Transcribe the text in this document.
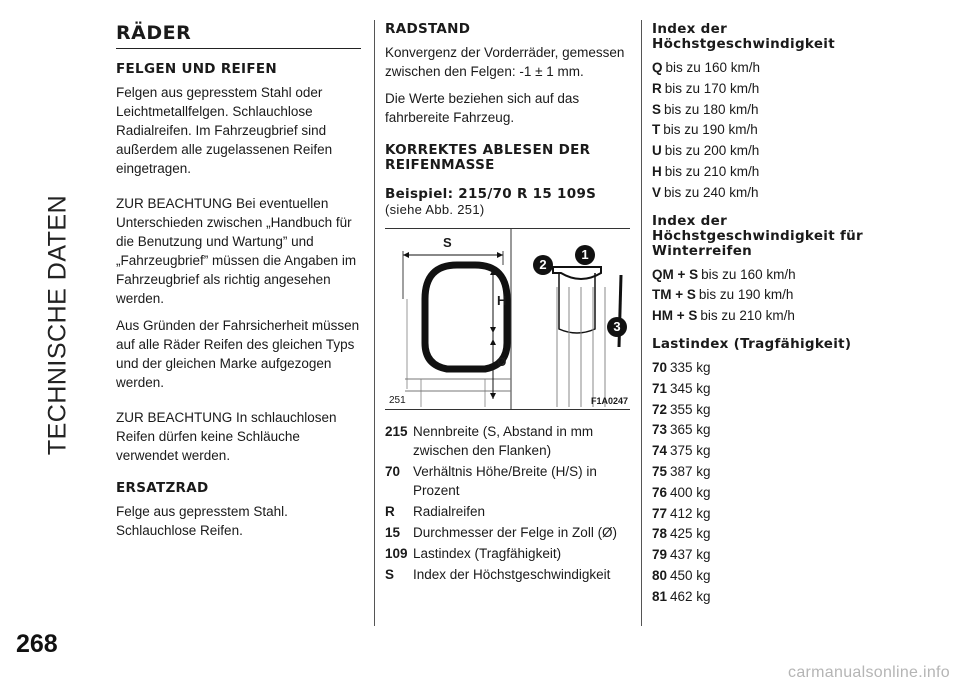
TECHNISCHE DATEN
268
carmanualsonline.info
RÄDER
FELGEN UND REIFEN

Felgen aus gepresstem Stahl oder Leichtmetallfelgen. Schlauchlose Radialreifen. Im Fahrzeugbrief sind außerdem alle zugelassenen Reifen eingetragen.

ZUR BEACHTUNG Bei eventuellen Unterschieden zwischen „Handbuch für die Benutzung und Wartung” und „Fahrzeugbrief” müssen die Angaben im Fahrzeugbrief als richtig angesehen werden.

Aus Gründen der Fahrsicherheit müssen auf alle Räder Reifen des gleichen Typs und der gleichen Marke aufgezogen werden.

ZUR BEACHTUNG In schlauchlosen Reifen dürfen keine Schläuche verwendet werden.

ERSATZRAD

Felge aus gepresstem Stahl. Schlauchlose Reifen.

RADSTAND

Konvergenz der Vorderräder, gemessen zwischen den Felgen: -1 ± 1 mm.

Die Werte beziehen sich auf das fahrbereite Fahrzeug.

KORREKTES ABLESEN DER REIFENMASSE
Beispiel: 215/70 R 15 109S (siehe Abb. 251)
S
H
Ø
1
2
3
251	F1A0247
215 Nennbreite (S, Abstand in mm zwischen den Flanken)
70 Verhältnis Höhe/Breite (H/S) in Prozent
R	Radialreifen
15 Durchmesser der Felge in Zoll (Ø)
109 Lastindex (Tragfähigkeit)
S	Index der Höchstgeschwindigkeit
Index der Höchstgeschwindigkeit
Q bis zu 160 km/h
R bis zu 170 km/h
S bis zu 180 km/h
T bis zu 190 km/h
U bis zu 200 km/h
H bis zu 210 km/h
V bis zu 240 km/h
Index der Höchstgeschwindigkeit für Winterreifen
QM + S bis zu 160 km/h
TM + S bis zu 190 km/h
HM + S bis zu 210 km/h
Lastindex (Tragfähigkeit)
70 335 kg
71 345 kg
72 355 kg
73 365 kg
74 375 kg
75 387 kg
76 400 kg
77 412 kg
78 425 kg
79 437 kg
80 450 kg
81 462 kg
